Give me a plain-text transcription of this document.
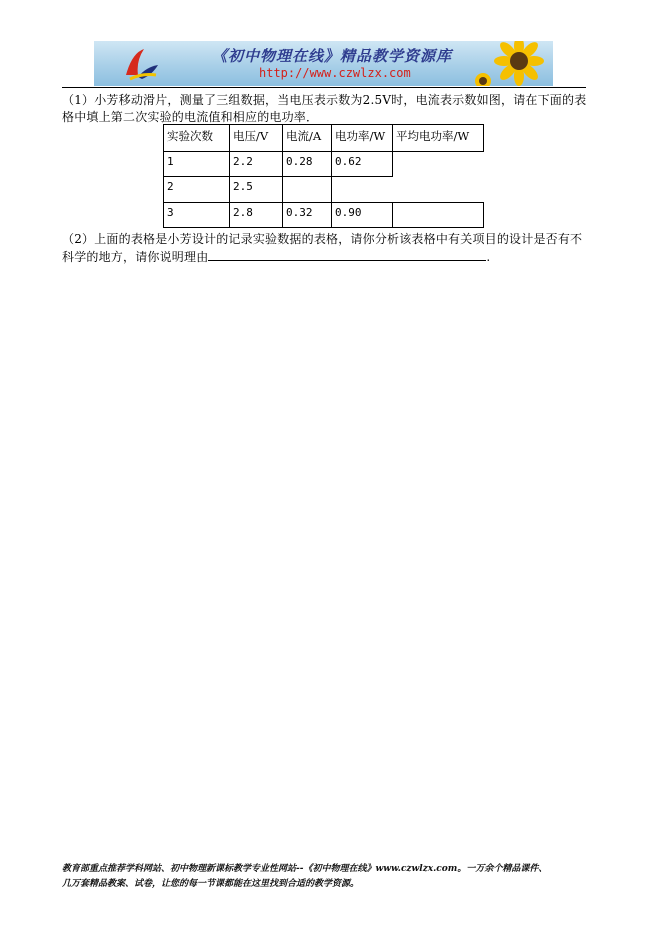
《初中物理在线》精品教学资源库
http://www.czwlzx.com
（1）小芳移动滑片，测量了三组数据，当电压表示数为2.5V时，电流表示数如图，请在下面的表格中填上第二次实验的电流值和相应的电功率．
实验次数	电压/V	电流/A	电功率/W	平均电功率/W
1	2.2	0.28	0.62	
2	2.5			
3	2.8	0.32	0.90	
（2）上面的表格是小芳设计的记录实验数据的表格，请你分析该表格中有关项目的设计是否有不科学的地方，请你说明理由	.
教育部重点推荐学科网站、初中物理新课标教学专业性网站--《初中物理在线》www.czwlzx.com。一万余个精品课件、
几万套精品教案、试卷，让您的每一节课都能在这里找到合适的教学资源。
